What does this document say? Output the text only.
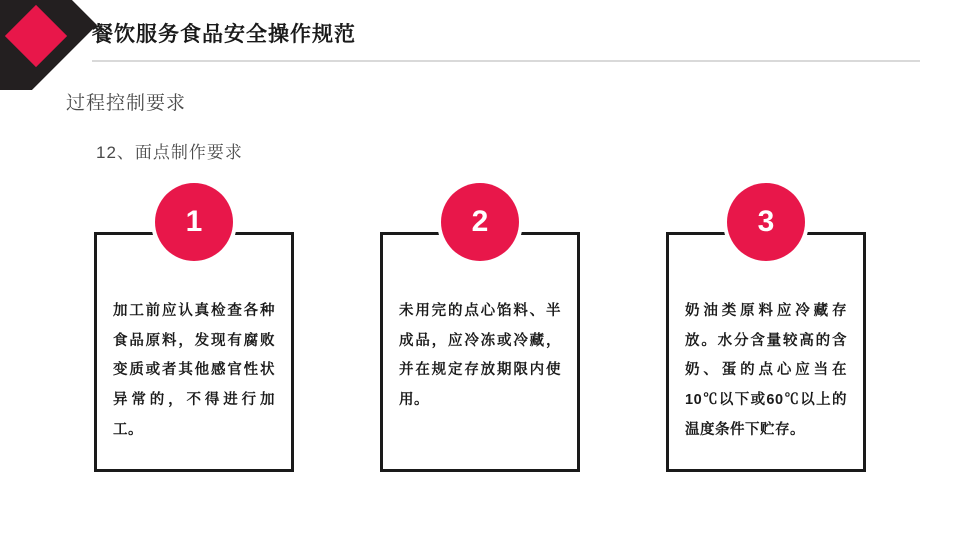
餐饮服务食品安全操作规范
过程控制要求
12、面点制作要求
1
加工前应认真检查各种食品原料，发现有腐败变质或者其他感官性状异常的，不得进行加工。
2
未用完的点心馅料、半成品，应冷冻或冷藏，并在规定存放期限内使用。
3
奶油类原料应冷藏存放。水分含量较高的含奶、蛋的点心应当在10℃以下或60℃以上的温度条件下贮存。
